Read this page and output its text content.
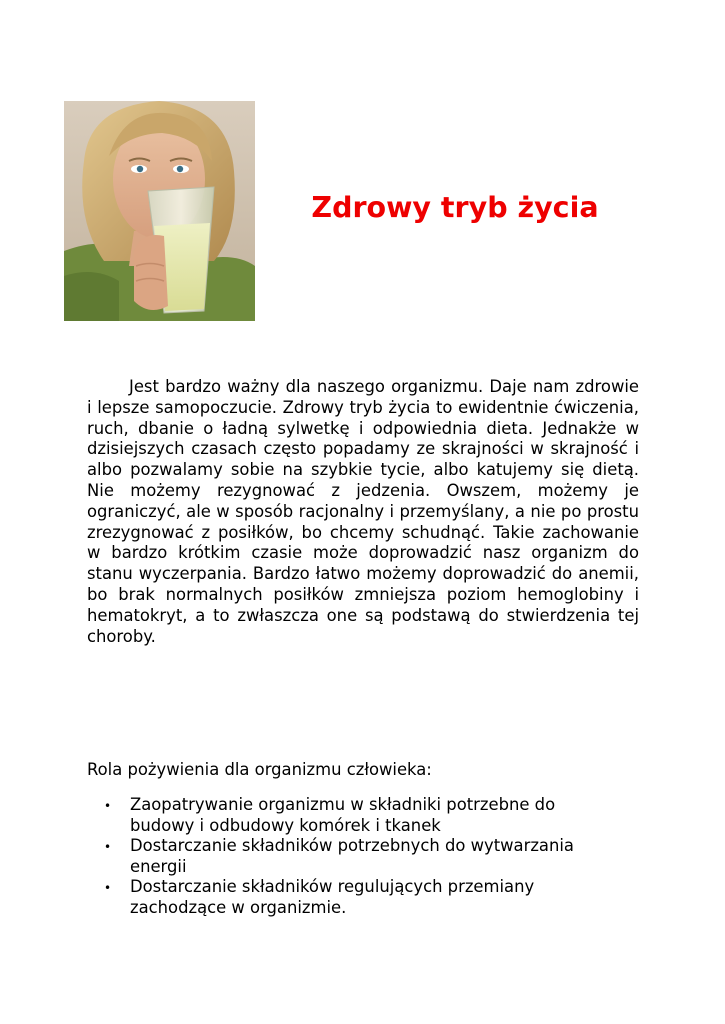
Zdrowy tryb życia

Jest bardzo ważny dla naszego organizmu. Daje nam zdrowie i lepsze samopoczucie. Zdrowy tryb życia to ewidentnie ćwiczenia, ruch, dbanie o ładną sylwetkę i odpowiednia dieta. Jednakże w dzisiejszych czasach często popadamy ze skrajności w skrajność i albo pozwalamy sobie na szybkie tycie, albo katujemy się dietą. Nie możemy rezygnować z jedzenia. Owszem, możemy je ograniczyć, ale w sposób racjonalny i przemyślany, a nie po prostu zrezygnować z posiłków, bo chcemy schudnąć. Takie zachowanie w bardzo krótkim czasie może doprowadzić nasz organizm do stanu wyczerpania. Bardzo łatwo możemy doprowadzić do anemii, bo brak normalnych posiłków zmniejsza poziom hemoglobiny i hematokryt, a to zwłaszcza one są podstawą do stwierdzenia tej choroby.

Rola pożywienia dla organizmu człowieka:

• Zaopatrywanie organizmu w składniki potrzebne do budowy i odbudowy komórek i tkanek
• Dostarczanie składników potrzebnych do wytwarzania energii
• Dostarczanie składników regulujących przemiany zachodzące w organizmie.
